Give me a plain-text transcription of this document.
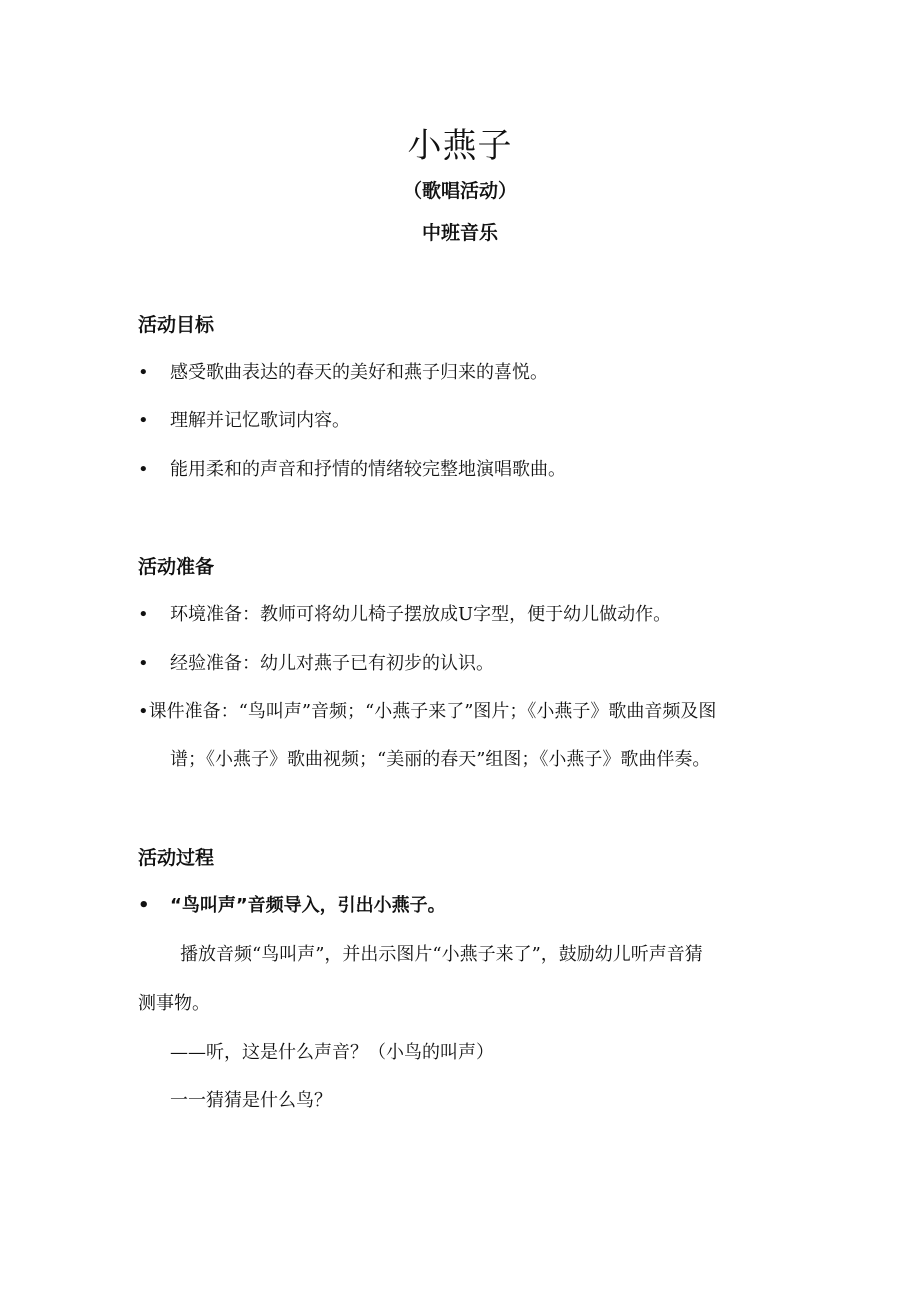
小燕子
（歌唱活动）
中班音乐
活动目标
• 感受歌曲表达的春天的美好和燕子归来的喜悦。
• 理解并记忆歌词内容。
• 能用柔和的声音和抒情的情绪较完整地演唱歌曲。
活动准备
• 环境准备：教师可将幼儿椅子摆放成U字型，便于幼儿做动作。
• 经验准备：幼儿对燕子已有初步的认识。
•课件准备：“鸟叫声”音频；“小燕子来了”图片；《小燕子》歌曲音频及图
谱；《小燕子》歌曲视频；“美丽的春天”组图；《小燕子》歌曲伴奏。
活动过程
• “鸟叫声”音频导入，引出小燕子。
播放音频“鸟叫声”，并出示图片“小燕子来了”，鼓励幼儿听声音猜
测事物。
——听，这是什么声音？（小鸟的叫声）
一一猜猜是什么鸟？
